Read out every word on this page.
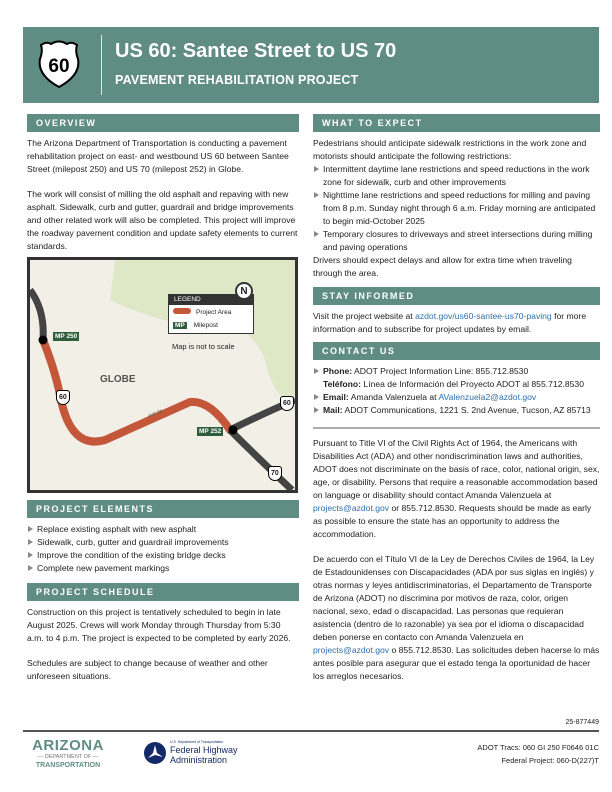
60
US 60: Santee Street to US 70
PAVEMENT REHABILITATION PROJECT
OVERVIEW

The Arizona Department of Transportation is conducting a pavement rehabilitation project on east- and westbound US 60 between Santee Street (milepost 250) and US 70 (milepost 252) in Globe.

The work will consist of milling the old asphalt and repaving with new asphalt. Sidewalk, curb and gutter, guardrail and bridge improvements and other related work will also be completed. This project will improve the roadway pavement condition and update safety elements to current standards.

MP 250
MP 252
GLOBE
Ash St
60
60
70
LEGEND
Project Area
MP Milepost
N
Map is not to scale
PROJECT ELEMENTS
Replace existing asphalt with new asphalt
Sidewalk, curb, gutter and guardrail improvements
Improve the condition of the existing bridge decks
Complete new pavement markings
PROJECT SCHEDULE

Construction on this project is tentatively scheduled to begin in late August 2025. Crews will work Monday through Thursday from 5:30 a.m. to 4 p.m. The project is expected to be completed by early 2026.

Schedules are subject to change because of weather and other unforeseen situations.

WHAT TO EXPECT
Pedestrians should anticipate sidewalk restrictions in the work zone and motorists should anticipate the following restrictions:
Intermittent daytime lane restrictions and speed reductions in the work zone for sidewalk, curb and other improvements
Nighttime lane restrictions and speed reductions for milling and paving from 8 p.m. Sunday night through 6 a.m. Friday morning are anticipated to begin mid-October 2025
Temporary closures to driveways and street intersections during milling and paving operations

Drivers should expect delays and allow for extra time when traveling through the area.

STAY INFORMED

Visit the project website at azdot.gov/us60-santee-us70-paving for more information and to subscribe for project updates by email.

CONTACT US
Phone: ADOT Project Information Line: 855.712.8530
Teléfono: Línea de Información del Proyecto ADOT al 855.712.8530
Email: Amanda Valenzuela at AValenzuela2@azdot.gov
Mail: ADOT Communications, 1221 S. 2nd Avenue, Tucson, AZ 85713

Pursuant to Title VI of the Civil Rights Act of 1964, the Americans with Disabilities Act (ADA) and other nondiscrimination laws and authorities, ADOT does not discriminate on the basis of race, color, national origin, sex, age, or disability. Persons that require a reasonable accommodation based on language or disability should contact Amanda Valenzuela at projects@azdot.gov or 855.712.8530. Requests should be made as early as possible to ensure the state has an opportunity to address the accommodation.

De acuerdo con el Título VI de la Ley de Derechos Civiles de 1964, la Ley de Estadounidenses con Discapacidades (ADA por sus siglas en inglés) y otras normas y leyes antidiscriminatorias, el Departamento de Transporte de Arizona (ADOT) no discrimina por motivos de raza, color, origen nacional, sexo, edad o discapacidad. Las personas que requieran asistencia (dentro de lo razonable) ya sea por el idioma o discapacidad deben ponerse en contacto con Amanda Valenzuela en projects@azdot.gov o 855.712.8530. Las solicitudes deben hacerse lo más antes posible para asegurar que el estado tenga la oportunidad de hacer los arreglos necesarios.

25-877449
ARIZONA
— DEPARTMENT OF —
TRANSPORTATION
U.S. Department of Transportation
Federal Highway
Administration
ADOT Tracs: 060 GI 250 F0646 01C
Federal Project: 060-D(227)T
